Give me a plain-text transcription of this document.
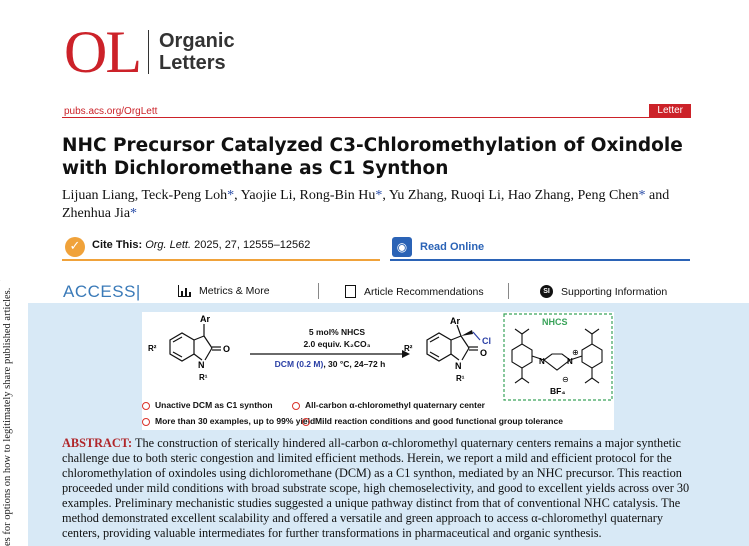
es for options on how to legitimately share published articles.
OL Organic
Letters
pubs.acs.org/OrgLett	Letter
NHC Precursor Catalyzed C3-Chloromethylation of Oxindole with Dichloromethane as C1 Synthon
Lijuan Liang, Teck-Peng Loh*, Yaojie Li, Rong-Bin Hu*, Yu Zhang, Ruoqi Li, Hao Zhang, Peng Chen* and Zhenhua Jia*
✓	Cite This: Org. Lett. 2025, 27, 12555–12562	◉	Read Online
ACCESS|	Metrics & More	Article Recommendations	SI	Supporting Information
Ar
O
N
R¹
R²
Cl
Ar
O
N
R¹
R²
NHCS
N	N
⊕
⊖
BF₄
5 mol% NHCS
2.0 equiv. K₂CO₃
DCM (0.2 M), 30 °C, 24–72 h
Unactive DCM as C1 synthon	All-carbon α-chloromethyl quaternary center
More than 30 examples, up to 99% yield Mild reaction conditions and good functional group tolerance
ABSTRACT: The construction of sterically hindered all-carbon α-chloromethyl quaternary centers remains a major synthetic challenge due to both steric congestion and limited efficient methods. Herein, we report a mild and efficient protocol for the chloromethylation of oxindoles using dichloromethane (DCM) as a C1 synthon, mediated by an NHC precursor. This reaction proceeded under mild conditions with broad substrate scope, high chemoselectivity, and good to excellent yields across over 30 examples. Preliminary mechanistic studies suggested a unique pathway distinct from that of conventional NHC catalysis. The method demonstrated excellent scalability and offered a versatile and green approach to access α-chloromethyl quaternary centers, providing valuable intermediates for further transformations in pharmaceutical and organic synthesis.
